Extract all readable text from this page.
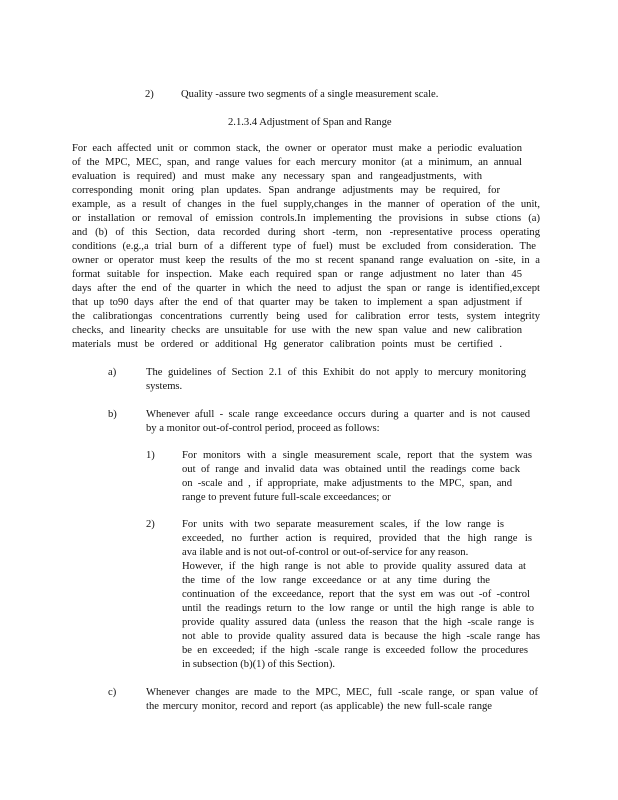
2)	Quality -assure two segments of a single measurement scale.
2.1.3.4 Adjustment of Span and Range
For each affected unit or common stack, the owner or operator must make a periodic evaluation
of the MPC, MEC, span, and range values for each mercury monitor (at a minimum, an annual
evaluation is required) and must make any necessary span and rangeadjustments, with
corresponding monit oring plan updates. Span andrange adjustments may be required, for
example, as a result of changes in the fuel supply,changes in the manner of operation of the unit,
or installation or removal of emission controls.In implementing the provisions in subse ctions (a)
and (b) of this Section, data recorded during short -term, non -representative process operating
conditions (e.g.,a trial burn of a different type of fuel) must be excluded from consideration. The
owner or operator must keep the results of the mo st recent spanand range evaluation on -site, in a
format suitable for inspection. Make each required span or range adjustment no later than 45
days after the end of the quarter in which the need to adjust the span or range is identified,except
that up to90 days after the end of that quarter may be taken to implement a span adjustment if
the calibrationgas concentrations currently being used for calibration error tests, system integrity
checks, and linearity checks are unsuitable for use with the new span value and new calibration
materials must be ordered or additional Hg generator calibration points must be certified .
a)	The guidelines of Section 2.1 of this Exhibit do not apply to mercury monitoring
systems.
b)	Whenever afull - scale range exceedance occurs during a quarter and is not caused
by a monitor out-of-control period, proceed as follows:
1)	For monitors with a single measurement scale, report that the system was
out of range and invalid data was obtained until the readings come back
on -scale and , if appropriate, make adjustments to the MPC, span, and
range to prevent future full-scale exceedances; or
2)	For units with two separate measurement scales, if the low range is
exceeded, no further action is required, provided that the high range is
ava ilable and is not out-of-control or out-of-service for any reason.
However, if the high range is not able to provide quality assured data at
the time of the low range exceedance or at any time during the
continuation of the exceedance, report that the syst em was out -of -control
until the readings return to the low range or until the high range is able to
provide quality assured data (unless the reason that the high -scale range is
not able to provide quality assured data is because the high -scale range has
be en exceeded; if the high -scale range is exceeded follow the procedures
in subsection (b)(1) of this Section).
c)	Whenever changes are made to the MPC, MEC, full -scale range, or span value of
the mercury monitor, record and report (as applicable) the new full-scale range
